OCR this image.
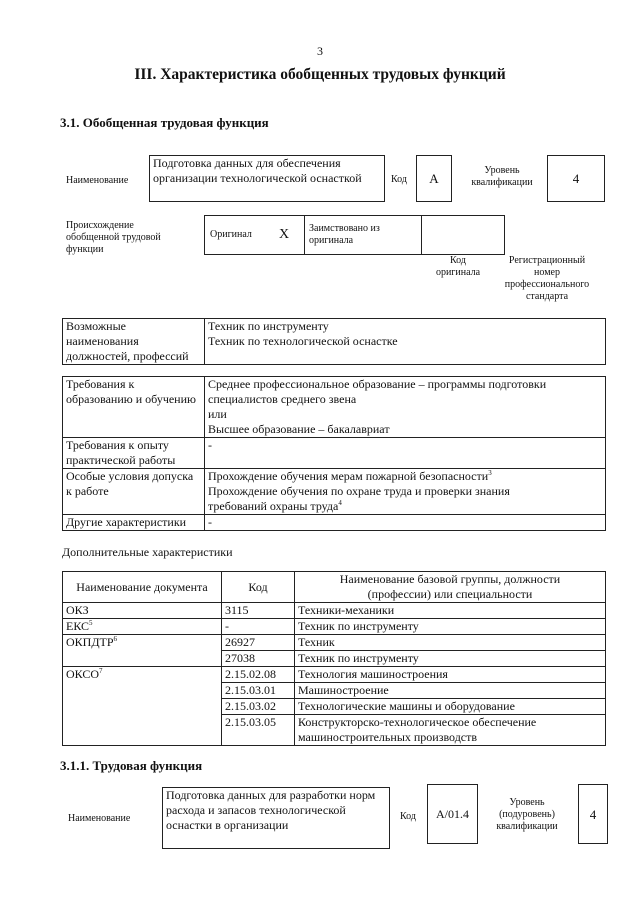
3
III. Характеристика обобщенных трудовых функций
3.1. Обобщенная трудовая функция
Наименование
Подготовка данных для обеспечения организации технологической оснасткой	Код	А
Уровень квалификации	4
Происхождение обобщенной трудовой функции
Оригинал X Заимствовано из оригинала
Код оригинала
Регистрационный номер профессионального стандарта
Возможные наименования должностей, профессий	
Техник по инструменту
Техник по технологической оснастке
Требования к образованию и обучению	Среднее профессиональное образование – программы подготовки
специалистов среднего звена
или
Высшее образование – бакалавриат

Требования к опыту практической работы	-
Особые условия допуска к работе	Прохождение обучения мерам пожарной безопасности$^3$
Прохождение обучения по охране труда и проверки знания
требований охраны труда$^4$

Другие характеристики	-
Дополнительные характеристики
Наименование документа	Код	Наименование базовой группы, должности (профессии) или специальности
ОКЗ	3115	Техники-механики
ЕКС$^5$	-	Техник по инструменту
ОКПДТР$^6$	26927	Техник
	27038	Техник по инструменту
ОКСО$^7$	2.15.02.08	Технология машиностроения
	2.15.03.01	Машиностроение
	2.15.03.02	Технологические машины и оборудование
	2.15.03.05	Конструкторско-технологическое обеспечение машиностроительных производств
3.1.1. Трудовая функция
Наименование
Подготовка данных для разработки норм расхода и запасов технологической оснастки в организации
Код	А/01.4
Уровень (подуровень) квалификации
4
